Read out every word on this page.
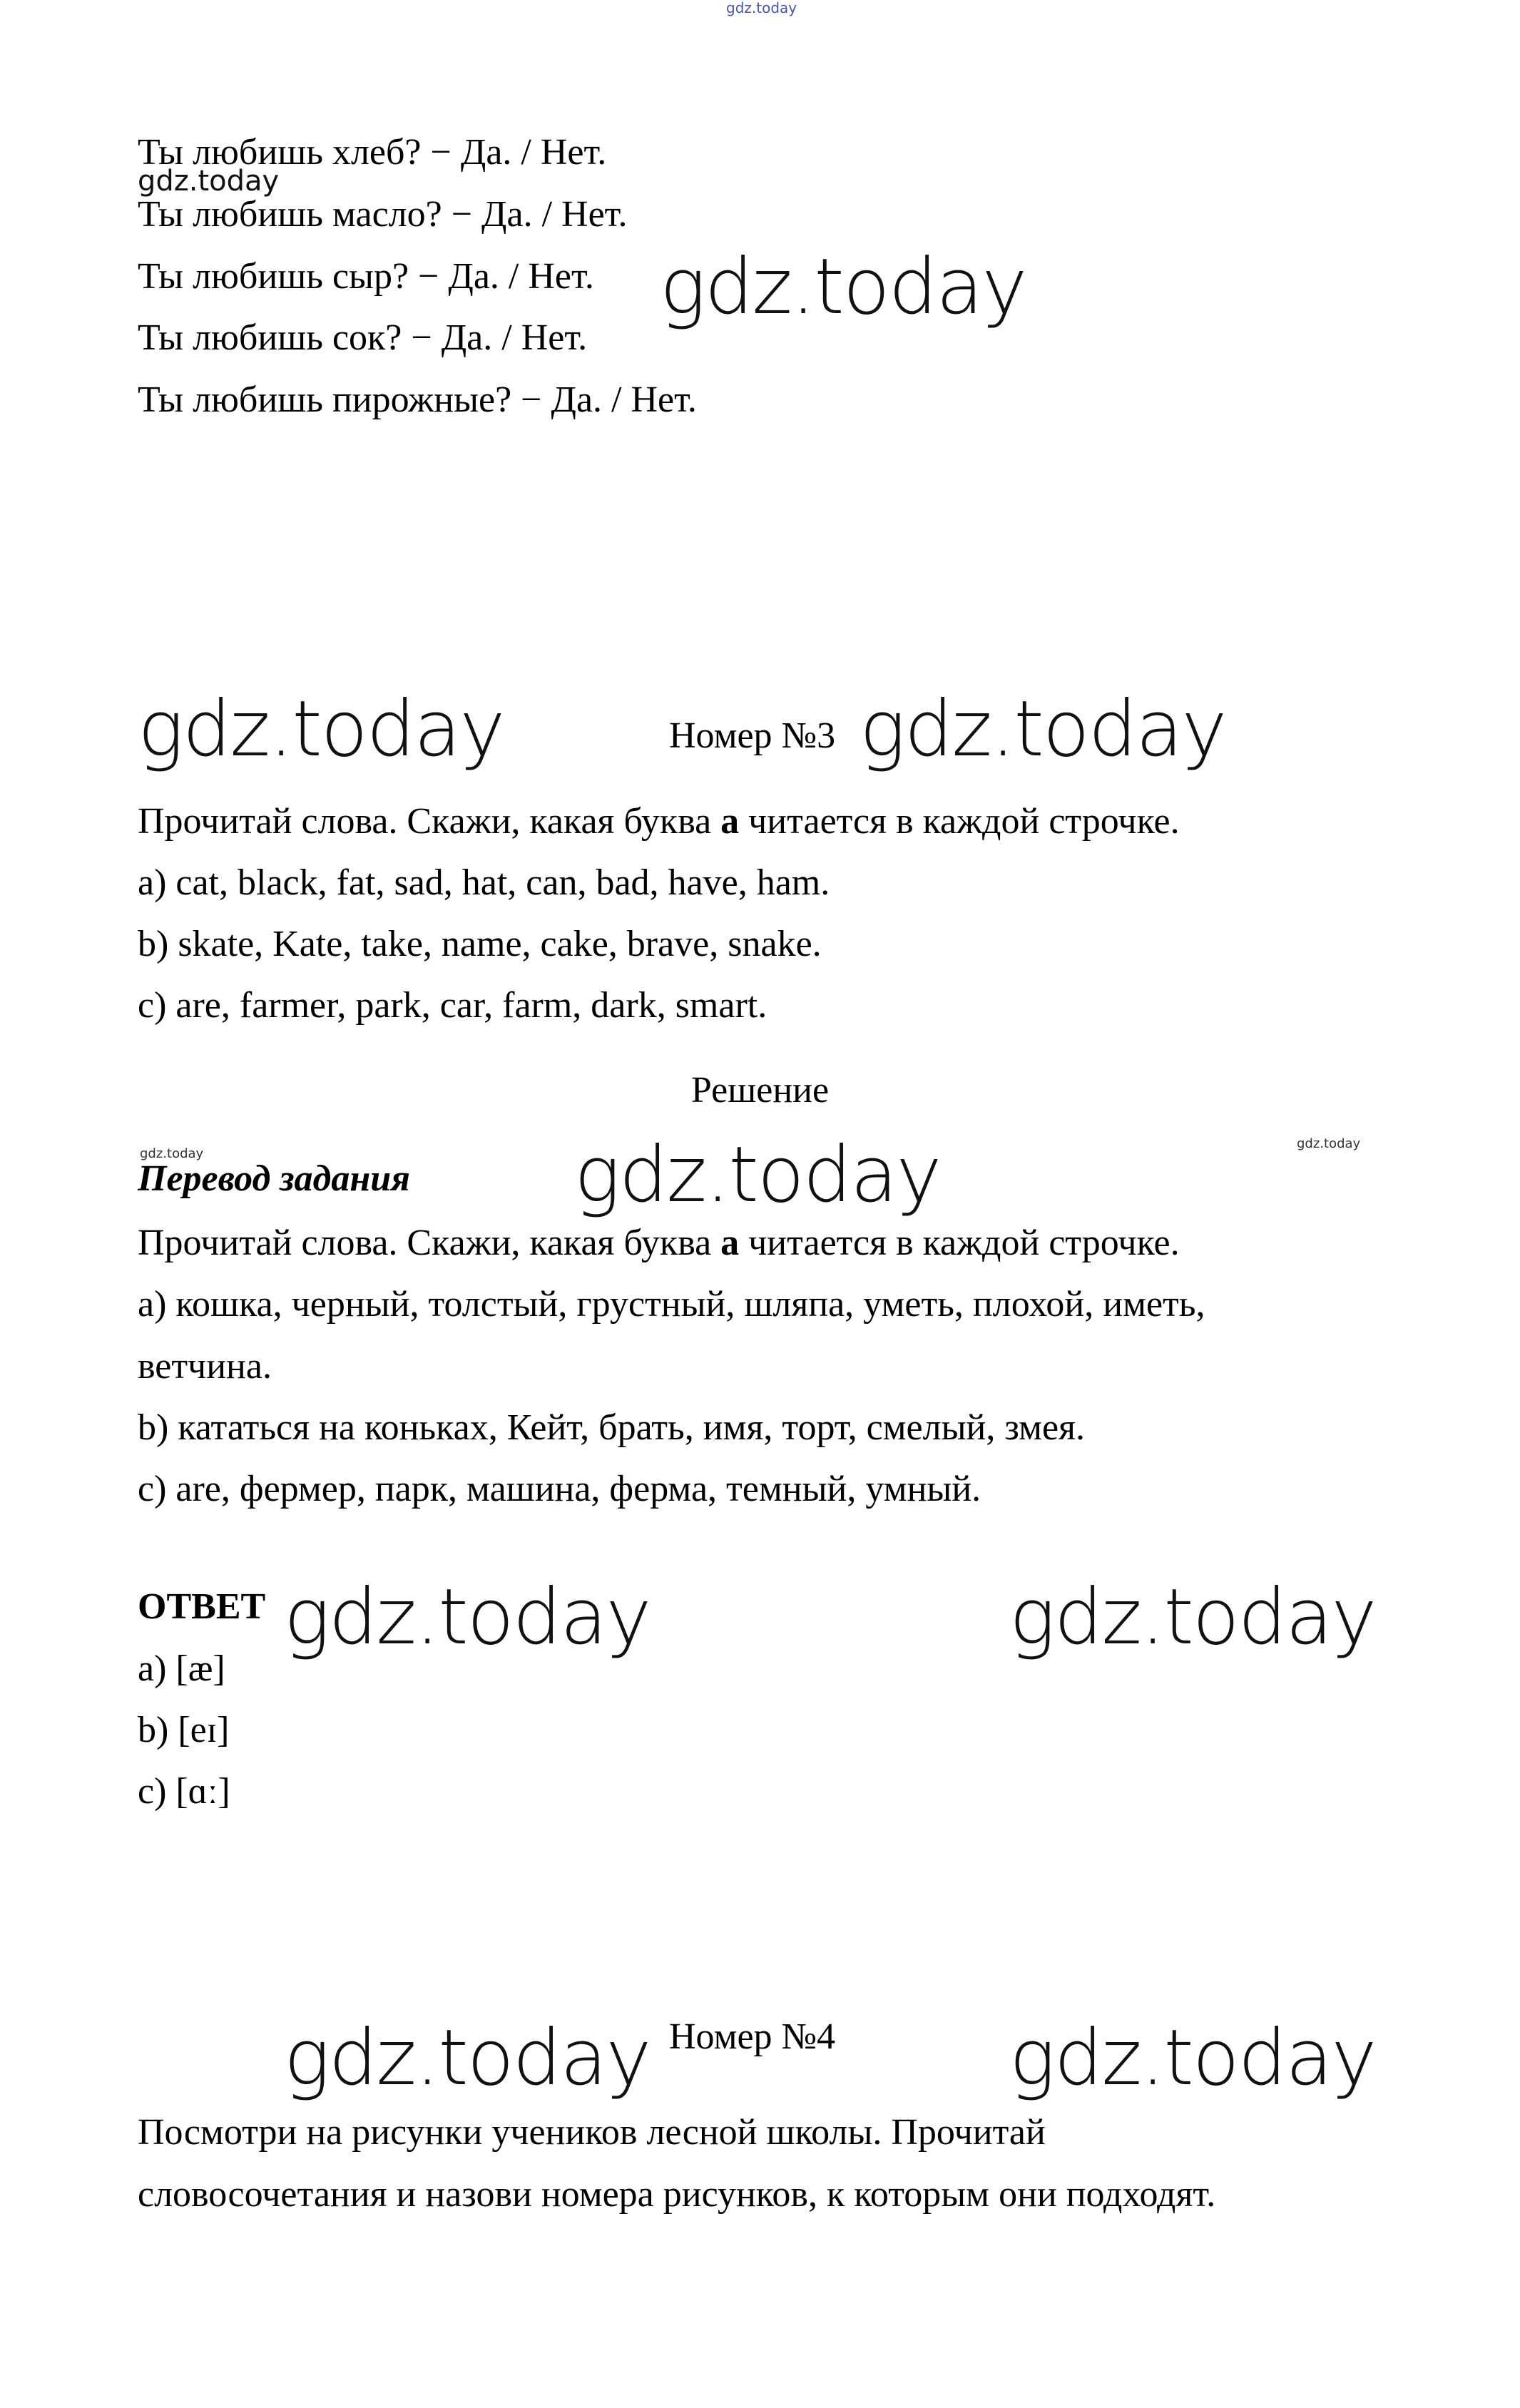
gdz.today
Ты любишь хлеб? − Да. / Нет.
gdz.today
Ты любишь масло? − Да. / Нет.
Ты любишь сыр? − Да. / Нет. gdz.today
Ты любишь сок? − Да. / Нет.
Ты любишь пирожные? − Да. / Нет.
gdz.today	Номер №3 gdz.today
Прочитай слова. Скажи, какая буква а читается в каждой строчке.
a) cat, black, fat, sad, hat, can, bad, have, ham.
b) skate, Kate, take, name, cake, brave, snake.
c) are, farmer, park, car, farm, dark, smart.
Решение
gdz.today
gdz.today
Перевод задания gdz.today
Прочитай слова. Скажи, какая буква а читается в каждой строчке.
a) кошка, черный, толстый, грустный, шляпа, уметь, плохой, иметь,
ветчина.
b) кататься на коньках, Кейт, брать, имя, торт, смелый, змея.
c) are, фермер, парк, машина, ферма, темный, умный.
ОТВЕТ gdz.today	gdz.today
a) [æ]
b) [eɪ]
c) [ɑː]
gdz.today Номер №4 gdz.today
Посмотри на рисунки учеников лесной школы. Прочитай
словосочетания и назови номера рисунков, к которым они подходят.
